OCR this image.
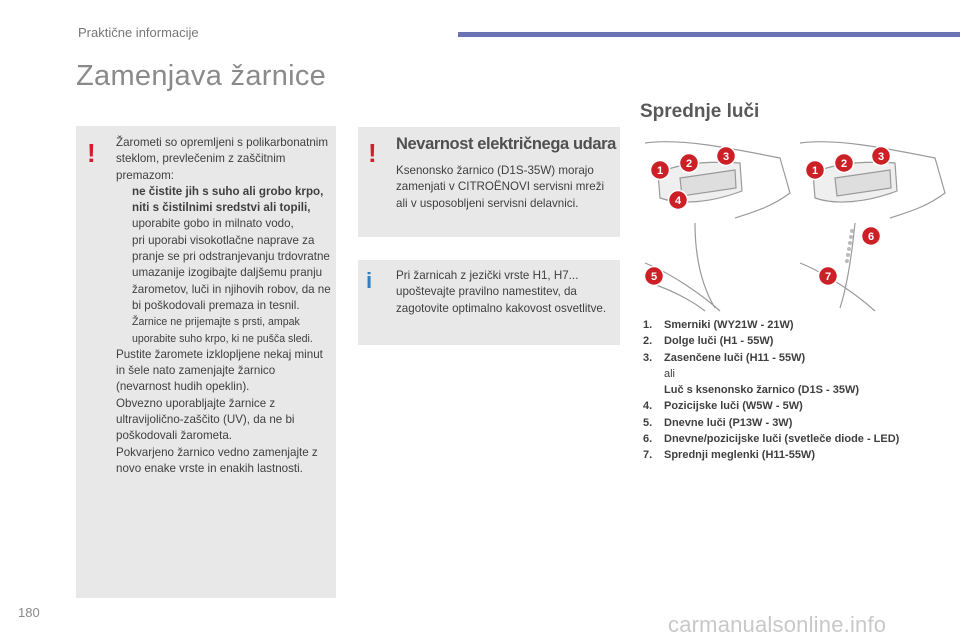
Praktične informacije
Zamenjava žarnice
! Žarometi so opremljeni s polikarbonatnim steklom, prevlečenim z zaščitnim premazom:

ne čistite jih s suho ali grobo krpo, niti s čistilnimi sredstvi ali topili,
uporabite gobo in milnato vodo,
pri uporabi visokotlačne naprave za pranje se pri odstranjevanju trdovratne umazanije izogibajte daljšemu pranju žarometov, luči in njihovih robov, da ne bi poškodovali premaza in tesnil.
Žarnice ne prijemajte s prsti, ampak uporabite suho krpo, ki ne pušča sledi.

Pustite žaromete izklopljene nekaj minut in šele nato zamenjajte žarnico (nevarnost hudih opeklin).

Obvezno uporabljajte žarnice z ultravijolično-zaščito (UV), da ne bi poškodovali žarometa.

Pokvarjeno žarnico vedno zamenjajte z novo enake vrste in enakih lastnosti.

! Nevarnost električnega udara
Ksenonsko žarnico (D1S-35W) morajo zamenjati v CITROËNOVI servisni mreži ali v usposobljeni servisni delavnici.
i Pri žarnicah z jezički vrste H1, H7... upoštevajte pravilno namestitev, da zagotovite optimalno kakovost osvetlitve.
Sprednje luči
1
2
3
4
5
1
2
3
6
7
1. Smerniki (WY21W - 21W)
2. Dolge luči (H1 - 55W)
3. Zasenčene luči (H11 - 55W)
ali
Luč s ksenonsko žarnico (D1S - 35W)
4. Pozicijske luči (W5W - 5W)
5. Dnevne luči (P13W - 3W)
6. Dnevne/pozicijske luči (svetleče diode - LED)
7. Sprednji meglenki (H11-55W)
180	carmanualsonline.info
